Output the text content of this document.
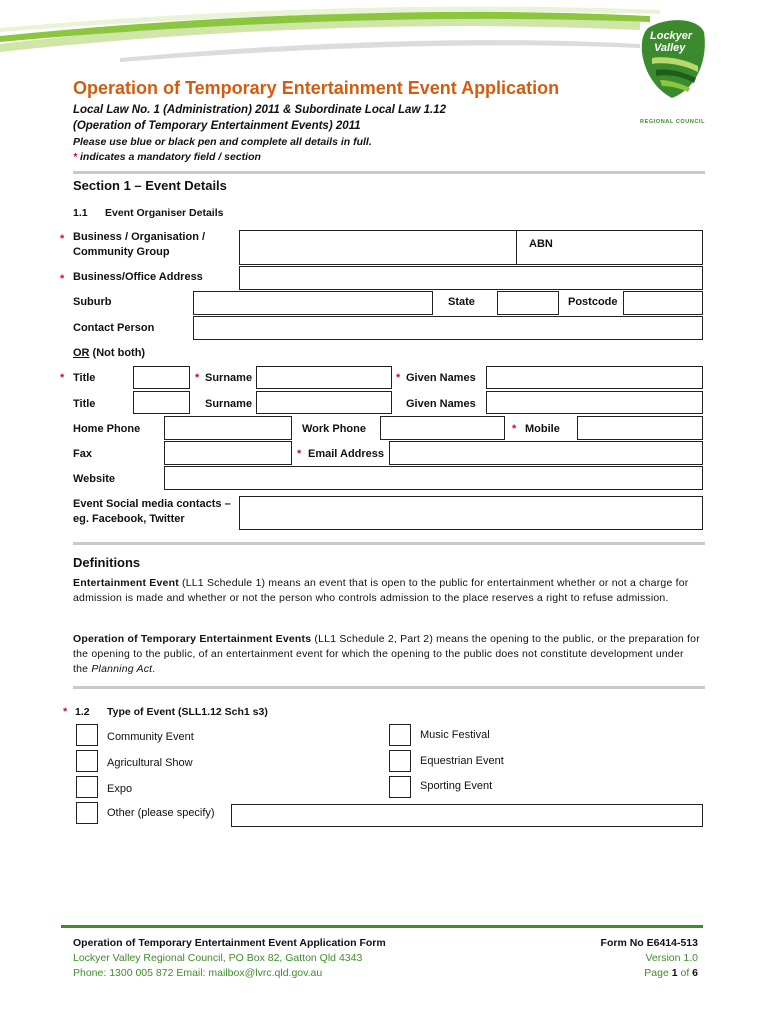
Lockyer
Valley
REGIONAL COUNCIL
Operation of Temporary Entertainment Event Application
Local Law No. 1 (Administration) 2011 & Subordinate Local Law 1.12
(Operation of Temporary Entertainment Events) 2011
Please use blue or black pen and complete all details in full.
* indicates a mandatory field / section
Section 1 – Event Details
1.1 Event Organiser Details
* Business / Organisation / Community Group
ABN
* Business/Office Address
Suburb	State	Postcode
Contact Person
OR (Not both)
* Title	* Surname	* Given Names
Title	Surname	Given Names
Home Phone	Work Phone	* Mobile
Fax	* Email Address
Website
Event Social media contacts – eg. Facebook, Twitter
Definitions
Entertainment Event (LL1 Schedule 1) means an event that is open to the public for entertainment whether or not a charge for admission is made and whether or not the person who controls admission to the place reserves a right to refuse admission.
Operation of Temporary Entertainment Events (LL1 Schedule 2, Part 2) means the opening to the public, or the preparation for the opening to the public, of an entertainment event for which the opening to the public does not constitute development under the Planning Act.
* 1.2 Type of Event (SLL1.12 Sch1 s3)
Community Event
Agricultural Show
Expo
Other (please specify)
Music Festival
Equestrian Event
Sporting Event
Operation of Temporary Entertainment Event Application Form
Lockyer Valley Regional Council, PO Box 82, Gatton Qld 4343
Phone: 1300 005 872 Email: mailbox@lvrc.qld.gov.au
Form No E6414-513
Version 1.0
Page 1 of 6
